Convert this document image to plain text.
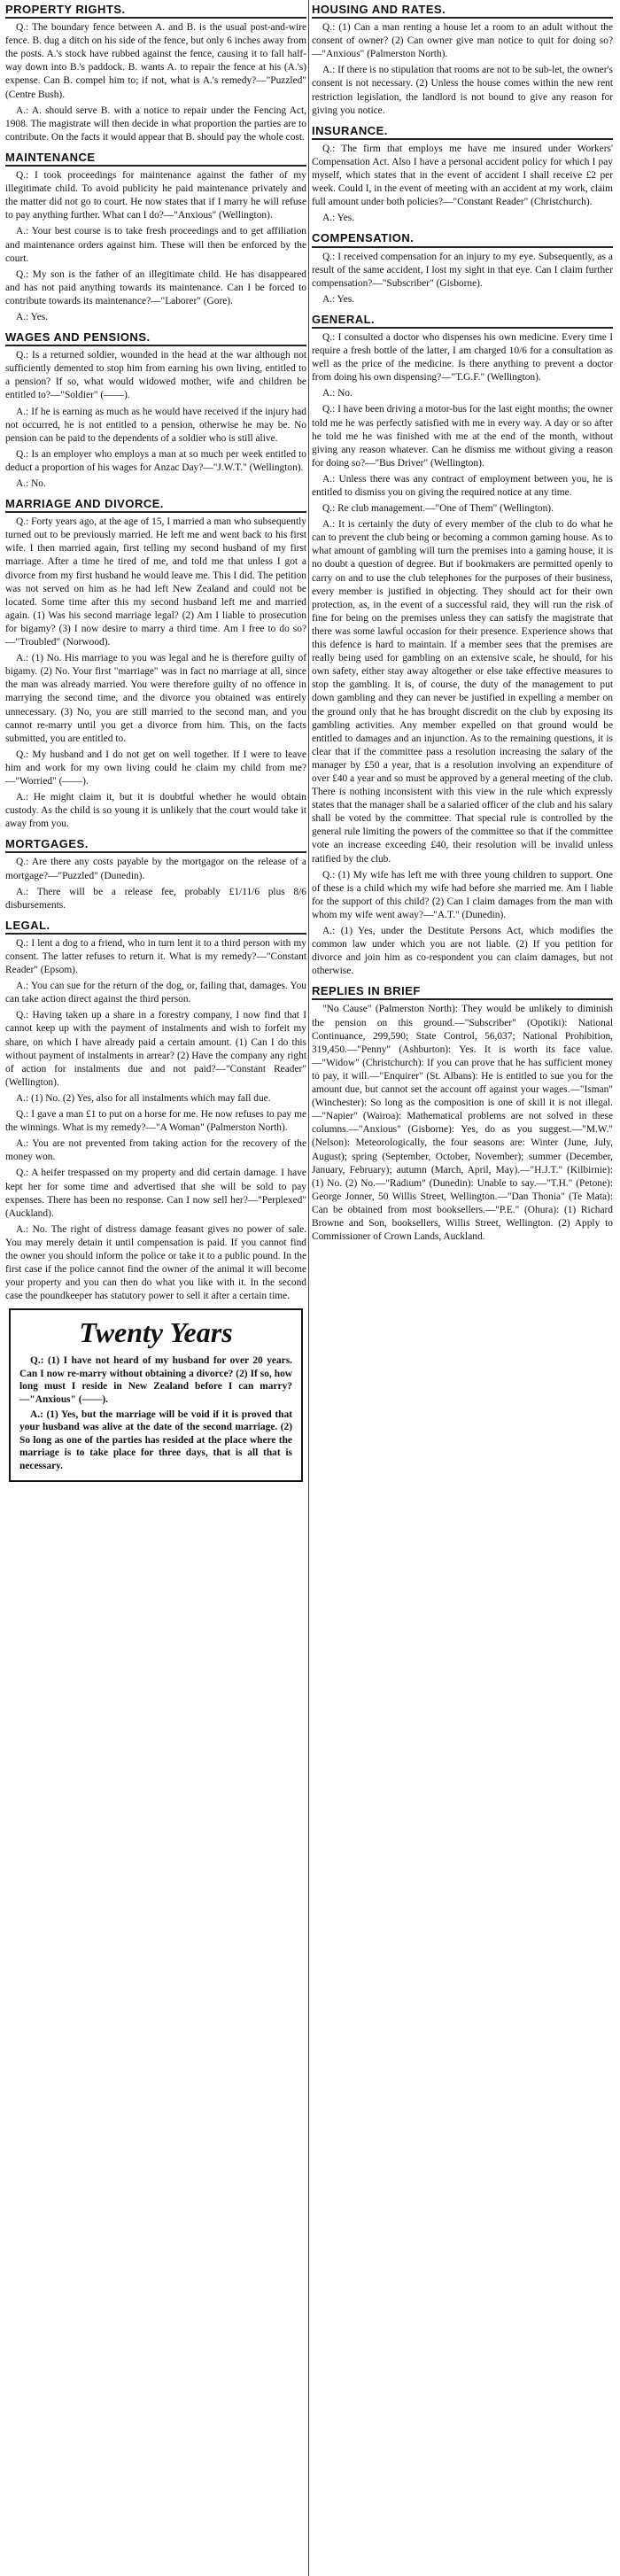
PROPERTY RIGHTS.

Q.: The boundary fence between A. and B. is the usual post-and-wire fence. B. dug a ditch on his side of the fence, but only 6 inches away from the posts. A.'s stock have rubbed against the fence, causing it to fall half-way down into B.'s paddock. B. wants A. to repair the fence at his (A.'s) expense. Can B. compel him to; if not, what is A.'s remedy?—"Puzzled" (Centre Bush).

A.: A. should serve B. with a notice to repair under the Fencing Act, 1908. The magistrate will then decide in what proportion the parties are to contribute. On the facts it would appear that B. should pay the whole cost.

MAINTENANCE

Q.: I took proceedings for maintenance against the father of my illegitimate child. To avoid publicity he paid maintenance privately and the matter did not go to court. He now states that if I marry he will refuse to pay anything further. What can I do?—"Anxious" (Wellington).

A.: Your best course is to take fresh proceedings and to get affiliation and maintenance orders against him. These will then be enforced by the court.

Q.: My son is the father of an illegitimate child. He has disappeared and has not paid anything towards its maintenance. Can I be forced to contribute towards its maintenance?—"Laborer" (Gore).

A.: Yes.

WAGES AND PENSIONS.

Q.: Is a returned soldier, wounded in the head at the war although not sufficiently demented to stop him from earning his own living, entitled to a pension? If so, what would widowed mother, wife and children be entitled to?—"Soldier" (——).

A.: If he is earning as much as he would have received if the injury had not occurred, he is not entitled to a pension, otherwise he may be. No pension can be paid to the dependents of a soldier who is still alive.

Q.: Is an employer who employs a man at so much per week entitled to deduct a proportion of his wages for Anzac Day?—"J.W.T." (Wellington).

A.: No.

MARRIAGE AND DIVORCE.

Q.: Forty years ago, at the age of 15, I married a man who subsequently turned out to be previously married. He left me and went back to his first wife. I then married again, first telling my second husband of my first marriage. After a time he tired of me, and told me that unless I got a divorce from my first husband he would leave me. This I did. The petition was not served on him as he had left New Zealand and could not be located. Some time after this my second husband left me and married again. (1) Was his second marriage legal? (2) Am I liable to prosecution for bigamy? (3) I now desire to marry a third time. Am I free to do so?—"Troubled" (Norwood).

A.: (1) No. His marriage to you was legal and he is therefore guilty of bigamy. (2) No. Your first "marriage" was in fact no marriage at all, since the man was already married. You were therefore guilty of no offence in marrying the second time, and the divorce you obtained was entirely unnecessary. (3) No, you are still married to the second man, and you cannot re-marry until you get a divorce from him. This, on the facts submitted, you are entitled to.

Q.: My husband and I do not get on well together. If I were to leave him and work for my own living could he claim my child from me?—"Worried" (——).

A.: He might claim it, but it is doubtful whether he would obtain custody. As the child is so young it is unlikely that the court would take it away from you.

MORTGAGES.

Q.: Are there any costs payable by the mortgagor on the release of a mortgage?—"Puzzled" (Dunedin).

A.: There will be a release fee, probably £1/11/6 plus 8/6 disbursements.

LEGAL.

Q.: I lent a dog to a friend, who in turn lent it to a third person with my consent. The latter refuses to return it. What is my remedy?—"Constant Reader" (Epsom).

A.: You can sue for the return of the dog, or, failing that, damages. You can take action direct against the third person.

Q.: Having taken up a share in a forestry company, I now find that I cannot keep up with the payment of instalments and wish to forfeit my share, on which I have already paid a certain amount. (1) Can I do this without payment of instalments in arrear? (2) Have the company any right of action for instalments due and not paid?—"Constant Reader" (Wellington).

A.: (1) No. (2) Yes, also for all instalments which may fall due.

Q.: I gave a man £1 to put on a horse for me. He now refuses to pay me the winnings. What is my remedy?—"A Woman" (Palmerston North).

A.: You are not prevented from taking action for the recovery of the money won.

Q.: A heifer trespassed on my property and did certain damage. I have kept her for some time and advertised that she will be sold to pay expenses. There has been no response. Can I now sell her?—"Perplexed" (Auckland).

A.: No. The right of distress damage feasant gives no power of sale. You may merely detain it until compensation is paid. If you cannot find the owner you should inform the police or take it to a public pound. In the first case if the police cannot find the owner of the animal it will become your property and you can then do what you like with it. In the second case the poundkeeper has statutory power to sell it after a certain time.

Twenty Years

Q.: (1) I have not heard of my husband for over 20 years. Can I now re-marry without obtaining a divorce? (2) If so, how long must I reside in New Zealand before I can marry?—"Anxious" (——).

A.: (1) Yes, but the marriage will be void if it is proved that your husband was alive at the date of the second marriage. (2) So long as one of the parties has resided at the place where the marriage is to take place for three days, that is all that is necessary.

HOUSING AND RATES.

Q.: (1) Can a man renting a house let a room to an adult without the consent of owner? (2) Can owner give man notice to quit for doing so?—"Anxious" (Palmerston North).

A.: If there is no stipulation that rooms are not to be sub-let, the owner's consent is not necessary. (2) Unless the house comes within the new rent restriction legislation, the landlord is not bound to give any reason for giving you notice.

INSURANCE.

Q.: The firm that employs me have me insured under Workers' Compensation Act. Also I have a personal accident policy for which I pay myself, which states that in the event of accident I shall receive £2 per week. Could I, in the event of meeting with an accident at my work, claim full amount under both policies?—"Constant Reader" (Christchurch).

A.: Yes.

COMPENSATION.

Q.: I received compensation for an injury to my eye. Subsequently, as a result of the same accident, I lost my sight in that eye. Can I claim further compensation?—"Subscriber" (Gisborne).

A.: Yes.

GENERAL.

Q.: I consulted a doctor who dispenses his own medicine. Every time I require a fresh bottle of the latter, I am charged 10/6 for a consultation as well as the price of the medicine. Is there anything to prevent a doctor from doing his own dispensing?—"T.G.F." (Wellington).

A.: No.

Q.: I have been driving a motor-bus for the last eight months; the owner told me he was perfectly satisfied with me in every way. A day or so after he told me he was finished with me at the end of the month, without giving any reason whatever. Can he dismiss me without giving a reason for doing so?—"Bus Driver" (Wellington).

A.: Unless there was any contract of employment between you, he is entitled to dismiss you on giving the required notice at any time.

Q.: Re club management.—"One of Them" (Wellington).

A.: It is certainly the duty of every member of the club to do what he can to prevent the club being or becoming a common gaming house. As to what amount of gambling will turn the premises into a gaming house, it is no doubt a question of degree. But if bookmakers are permitted openly to carry on and to use the club telephones for the purposes of their business, every member is justified in objecting. They should act for their own protection, as, in the event of a successful raid, they will run the risk of fine for being on the premises unless they can satisfy the magistrate that there was some lawful occasion for their presence. Experience shows that this defence is hard to maintain. If a member sees that the premises are really being used for gambling on an extensive scale, he should, for his own safety, either stay away altogether or else take effective measures to stop the gambling. It is, of course, the duty of the management to put down gambling and they can never be justified in expelling a member on the ground only that he has brought discredit on the club by exposing its gambling activities. Any member expelled on that ground would be entitled to damages and an injunction. As to the remaining questions, it is clear that if the committee pass a resolution increasing the salary of the manager by £50 a year, that is a resolution involving an expenditure of over £40 a year and so must be approved by a general meeting of the club. There is nothing inconsistent with this view in the rule which expressly states that the manager shall be a salaried officer of the club and his salary shall be voted by the committee. That special rule is controlled by the general rule limiting the powers of the committee so that if the committee vote an increase exceeding £40, their resolution will be invalid unless ratified by the club.

Q.: (1) My wife has left me with three young children to support. One of these is a child which my wife had before she married me. Am I liable for the support of this child? (2) Can I claim damages from the man with whom my wife went away?—"A.T." (Dunedin).

A.: (1) Yes, under the Destitute Persons Act, which modifies the common law under which you are not liable. (2) If you petition for divorce and join him as co-respondent you can claim damages, but not otherwise.

REPLIES IN BRIEF

"No Cause" (Palmerston North): They would be unlikely to diminish the pension on this ground.—"Subscriber" (Opotiki): National Continuance, 299,590; State Control, 56,037; National Prohibition, 319,450.—"Penny" (Ashburton): Yes. It is worth its face value.—"Widow" (Christchurch): If you can prove that he has sufficient money to pay, it will.—"Enquirer" (St. Albans): He is entitled to sue you for the amount due, but cannot set the account off against your wages.—"Isman" (Winchester): So long as the composition is one of skill it is not illegal.—"Napier" (Wairoa): Mathematical problems are not solved in these columns.—"Anxious" (Gisborne): Yes, do as you suggest.—"M.W." (Nelson): Meteorologically, the four seasons are: Winter (June, July, August); spring (September, October, November); summer (December, January, February); autumn (March, April, May).—"H.J.T." (Kilbirnie): (1) No. (2) No.—"Radium" (Dunedin): Unable to say.—"T.H." (Petone): George Jonner, 50 Willis Street, Wellington.—"Dan Thonia" (Te Mata): Can be obtained from most booksellers.—"P.E." (Ohura): (1) Richard Browne and Son, booksellers, Willis Street, Wellington. (2) Apply to Commissioner of Crown Lands, Auckland.
